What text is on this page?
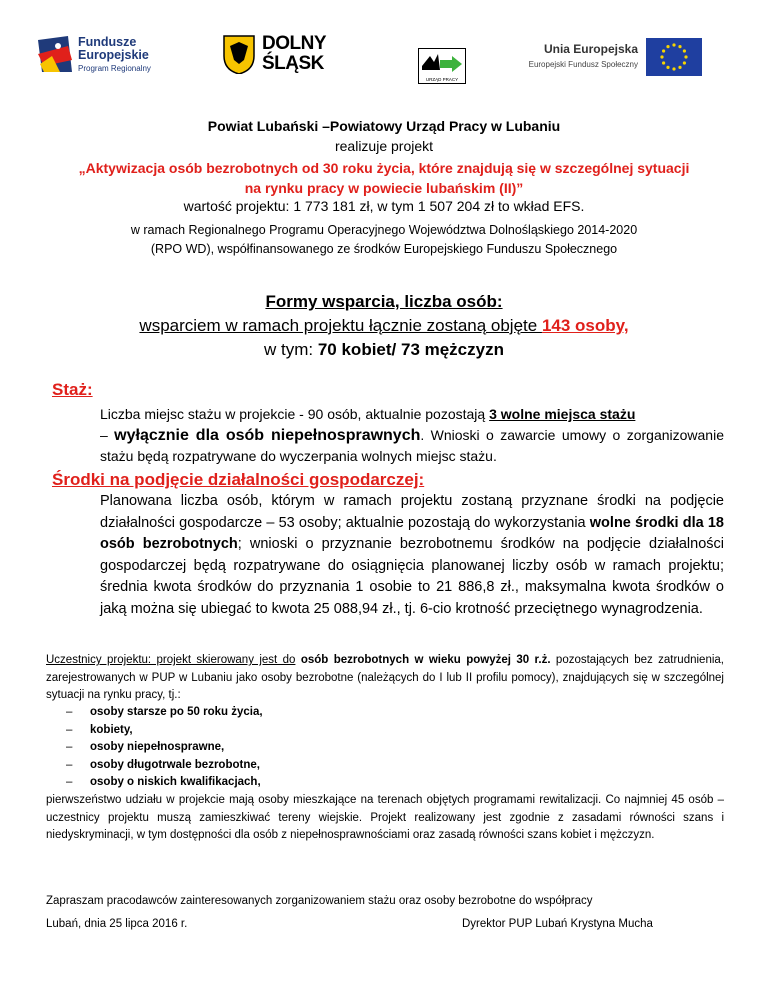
Fundusze
Europejskie
Program Regionalny
DOLNY
ŚLĄSK
URZĄD PRACY
Unia Europejska
Europejski Fundusz Społeczny
Powiat Lubański –Powiatowy Urząd Pracy w Lubaniu
realizuje projekt
„Aktywizacja osób bezrobotnych od 30 roku życia, które znajdują się w szczególnej sytuacji
na rynku pracy w powiecie lubańskim (II)”
wartość projektu: 1 773 181 zł, w tym 1 507 204 zł to wkład EFS.
w ramach Regionalnego Programu Operacyjnego Województwa Dolnośląskiego 2014-2020
(RPO WD), współfinansowanego ze środków Europejskiego Funduszu Społecznego
Formy wsparcia, liczba osób:
wsparciem w ramach projektu łącznie zostaną objęte 143 osoby,
w tym: 70 kobiet/ 73 mężczyzn
Staż:
Liczba miejsc stażu w projekcie - 90 osób, aktualnie pozostają 3 wolne miejsca stażu
– wyłącznie dla osób niepełnosprawnych. Wnioski o zawarcie umowy o zorganizowanie stażu będą rozpatrywane do wyczerpania wolnych miejsc stażu.
Środki na podjęcie działalności gospodarczej:
Planowana liczba osób, którym w ramach projektu zostaną przyznane środki na podjęcie działalności gospodarcze – 53 osoby; aktualnie pozostają do wykorzystania wolne środki dla 18 osób bezrobotnych; wnioski o przyznanie bezrobotnemu środków na podjęcie działalności gospodarczej będą rozpatrywane do osiągnięcia planowanej liczby osób w ramach projektu; średnia kwota środków do przyznania 1 osobie to 21 886,8 zł., maksymalna kwota środków o jaką można się ubiegać to kwota 25 088,94 zł., tj. 6-cio krotność przeciętnego wynagrodzenia.
Uczestnicy projektu: projekt skierowany jest do osób bezrobotnych w wieku powyżej 30 r.ż. pozostających bez zatrudnienia, zarejestrowanych w PUP w Lubaniu jako osoby bezrobotne (należących do I lub II profilu pomocy), znajdujących się w szczególnej sytuacji na rynku pracy, tj.:
– osoby starsze po 50 roku życia,
– kobiety,
– osoby niepełnosprawne,
– osoby długotrwale bezrobotne,
– osoby o niskich kwalifikacjach,
pierwszeństwo udziału w projekcie mają osoby mieszkające na terenach objętych programami rewitalizacji. Co najmniej 45 osób – uczestnicy projektu muszą zamieszkiwać tereny wiejskie. Projekt realizowany jest zgodnie z zasadami równości szans i niedyskryminacji, w tym dostępności dla osób z niepełnosprawnościami oraz zasadą równości szans kobiet i mężczyzn.
Zapraszam pracodawców zainteresowanych zorganizowaniem stażu oraz osoby bezrobotne do współpracy
Lubań, dnia 25 lipca 2016 r.	Dyrektor PUP Lubań Krystyna Mucha
